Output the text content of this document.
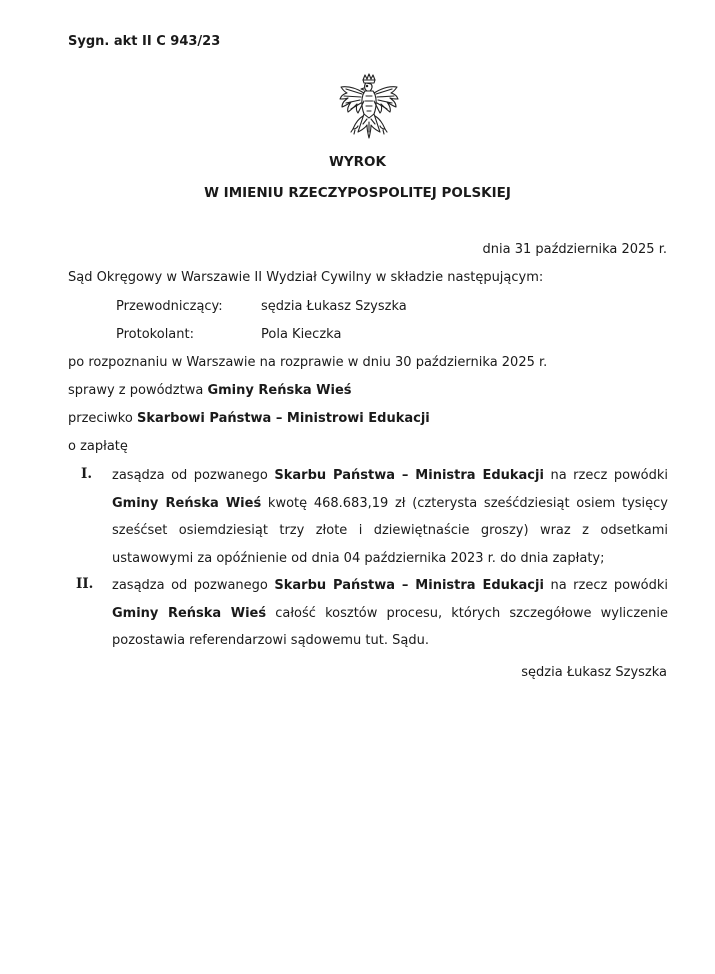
Sygn. akt II C 943/23
WYROK
W IMIENIU RZECZYPOSPOLITEJ POLSKIEJ
dnia 31 października 2025 r.
Sąd Okręgowy w Warszawie II Wydział Cywilny w składzie następującym:
Przewodniczący:	sędzia Łukasz Szyszka
Protokolant:	Pola Kieczka
po rozpoznaniu w Warszawie na rozprawie w dniu 30 października 2025 r.
sprawy z powództwa Gminy Reńska Wieś
przeciwko Skarbowi Państwa – Ministrowi Edukacji
o zapłatę
I. zasądza od pozwanego Skarbu Państwa – Ministra Edukacji na rzecz powódki Gminy Reńska Wieś kwotę 468.683,19 zł (czterysta sześćdziesiąt osiem tysięcy sześćset osiemdziesiąt trzy złote i dziewiętnaście groszy) wraz z odsetkami ustawowymi za opóźnienie od dnia 04 października 2023 r. do dnia zapłaty;
II. zasądza od pozwanego Skarbu Państwa – Ministra Edukacji na rzecz powódki Gminy Reńska Wieś całość kosztów procesu, których szczegółowe wyliczenie pozostawia referendarzowi sądowemu tut. Sądu.
sędzia Łukasz Szyszka
